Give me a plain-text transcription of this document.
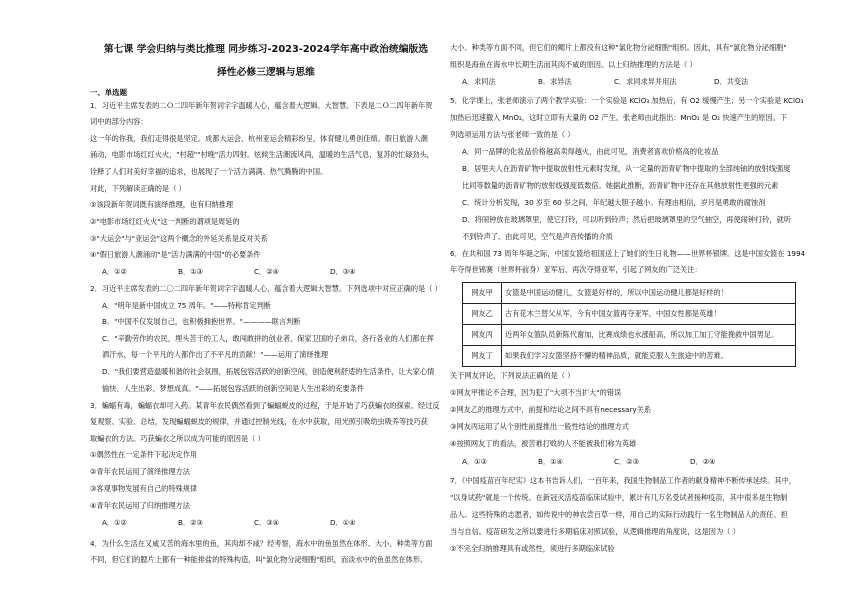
第七课 学会归纳与类比推理 同步练习-2023-2024学年高中政治统编版选
择性必修三逻辑与思维
一、单选题
1．习近平主席发表的二Ｏ二四年新年贺词字字温暖人心，蕴含着大逻辑、大智慧。下表是二Ｏ二四年新年贺
词中的部分内容：
这一年的你我，我们走得很是坚定。成都大运会、杭州亚运会精彩纷呈，体育健儿勇创佳绩。假日旅游人潮
涌动，电影市场红红火火，"村超""村晚"活力四射。炫候生活潮流风尚，温暖的生活气息，复苏的忙碌劲头，
诠释了人们对美好幸福的追求，也展现了一个活力满满、热气腾腾的中国。
对此，下列解读正确的是（ ）
①该段新年贺词既有演绎推理，也有归纳推理
②"电影市场红红火火"这一判断的谓项是周延的
③"大运会"与"亚运会"这两个概念的外延关系是反对关系
④"假日旅游人潮涌动"是"活力满满的中国"的必要条件
A．①②	B．①③	C．②④	D．③④
2．习近平主席发表的二〇二四年新年贺词字字温暖人心，蕴含着大逻辑大智慧。下列选项中对应正确的是（ ）
A．"明年是新中国成立 75 周年。"——特称肯定判断
B．"中国不仅发展自己，也积极拥抱世界。"————联言判断
C．"辛勤劳作的农民，埋头苦干的工人，敢闯敢拼的创业者，保家卫国的子弟兵，各行各业的人们都在挥
洒汗水，每一个平凡的人都作出了不平凡的贡献！"——运用了演绎推理
D．"我们要营造温暖和谐的社会氛围，拓展包容活跃的创新空间，创造便利舒适的生活条件，让大家心情
愉快、人生出彩、梦想成真。"——拓展包容活跃的创新空间是人生出彩的充要条件
3．蝙蝠有毒，蝙蝠衣却可入药。某青年农民偶然看到了蝙蝠蜕皮的过程，于是开始了巧获蝙衣的探索。经过反
复观察、实验、总结，发现蝙蝠蜕皮的规律，并通过控制光线，在水中获取，用光照引吸幼虫吸养等技巧获
取蝙衣的方法。巧获蝙衣之所以成为可能的原因是（ ）
①偶然性在一定条件下起决定作用
②青年农民运用了演绎推理方法
③客观事物发展有自己的特殊规律
④青年农民运用了归纳推理方法
A．①②	B．②③	C．③④	D．①④
4．为什么生活在又咸又苦的海水里的鱼，其肉却不咸？经考察，海水中的鱼虽然在体形、大小、种类等方面
不同，但它们的腮片上都有一种能排盐的特殊构造，叫"氯化物分泌细胞"组织，而淡水中的鱼虽然在体形、
大小、种类等方面不同，但它们的鳃片上都没有这种"氯化物分泌细胞"组织。因此，具有"氯化物分泌细胞"
组织是海鱼在海水中长期生活而其肉不咸的原因。以上归纳推理的方法是（ ）
A．求同法	B．求异法	C．求同求异并用法	D．共变法
5．化学课上，张老师演示了两个教学实验：一个实验是 KClO₃ 加热后，有 O2 缓慢产生；另一个实验是 KClO₃
加热后迅速撒入 MnO₂，这时立即有大量的 O2 产生。张老师由此指出：MnO₂ 是 O₂ 快速产生的原因。下
列选项运用方法与张老师一致的是（ ）
A．同一品牌的化妆品价格越高卖得越火，由此可见，消费者喜欢价格高的化妆品
B．居里夫人在沥青矿物中提取放射性元素时发现，从一定量的沥青矿物中提取的全部纯铀的放射线强度
比同等数量的沥青矿物的放射线强度低数倍。她据此推断，沥青矿物中还存在其他放射性更强的元素
C．统计分析发现，30 岁至 60 岁之间，年纪越大胆子越小。有理由相信，岁月是勇敢的腐蚀剂
D．将闹钟放在玻璃罩里，使它打铃，可以听到铃声；然后把玻璃罩里的空气抽空，再使闹钟打铃，就听
不到铃声了。由此可见，空气是声音传播的介质
6．在共和国 73 周年华诞之际，中国女篮给祖国送上了她们的生日礼物——世界杯银牌。这是中国女篮在 1994
年夺得世锦赛（世界杯前身）亚军后，再次夺得亚军，引起了网友的广泛关注：
网友甲	女篮是中国运动健儿，女篮是好样的，所以中国运动健儿都是好样的！
网友乙	古有花木兰替父从军，今有中国女篮再夺亚军，中国女性都是英雄！
网友丙	近两年女篮队员新陈代谢加，比赛成绩也水涨船高，所以加工加工守能挽救中国男足。
网友丁	如果我们学习女篮坚持不懈的精神品质，就能克服人生旅途中的苦难。
关于网友评论，下列说法正确的是（ ）
①网友甲推论不合理，因为犯了"大项不当扩大"的错误
②网友乙的推理方式中，前提和结论之间不具有necessary关系
③网友丙运用了从个别性前提推出一般性结论的推理方式
④按照网友丁的看法，被苦难打败的人不能被我们称为英雄
A．①③	B．①④	C．②③	D．②④
7．《中国疫苗百年纪实》这本书告诉人们，一百年来，我国生物制品工作者的献身精神不断传承延续。其中，
"以身试药"就是一个传统。在新冠灭活疫苗临床试验中，累计有几万名受试者接种疫苗，其中很多是生物制
品人。这些特殊的志愿者，如传说中的神农尝百草一样，用自己的实际行动践行一名生物制品人的责任、担
当与自信。疫苗研发之所以要进行多期临床对照试验，从逻辑推理的角度说，这是因为（ ）
①不完全归纳推理具有或然性，须进行多期临床试验
